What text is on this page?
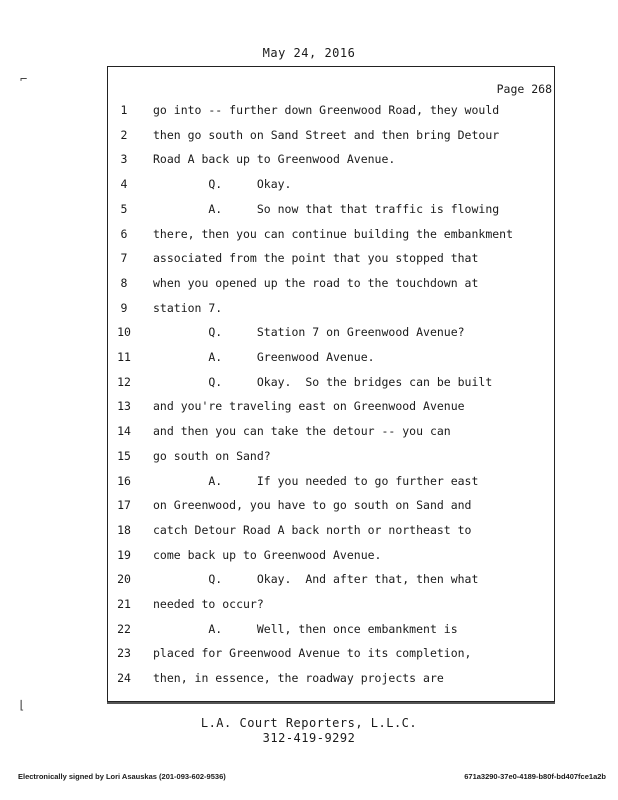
May 24, 2016
Page 268
1	go into -- further down Greenwood Road, they would
2	then go south on Sand Street and then bring Detour
3	Road A back up to Greenwood Avenue.
4	Q.     Okay.
5	A.     So now that that traffic is flowing
6	there, then you can continue building the embankment
7	associated from the point that you stopped that
8	when you opened up the road to the touchdown at
9	station 7.
10	Q.     Station 7 on Greenwood Avenue?
11	A.     Greenwood Avenue.
12	Q.     Okay.  So the bridges can be built
13	and you're traveling east on Greenwood Avenue
14	and then you can take the detour -- you can
15	go south on Sand?
16	A.     If you needed to go further east
17	on Greenwood, you have to go south on Sand and
18	catch Detour Road A back north or northeast to
19	come back up to Greenwood Avenue.
20	Q.     Okay.  And after that, then what
21	needed to occur?
22	A.     Well, then once embankment is
23	placed for Greenwood Avenue to its completion,
24	then, in essence, the roadway projects are
L.A. Court Reporters, L.L.C.
312-419-9292
Electronically signed by Lori Asauskas (201-093-602-9536)	671a3290-37e0-4189-b80f-bd407fce1a2b
⌐
⌊
